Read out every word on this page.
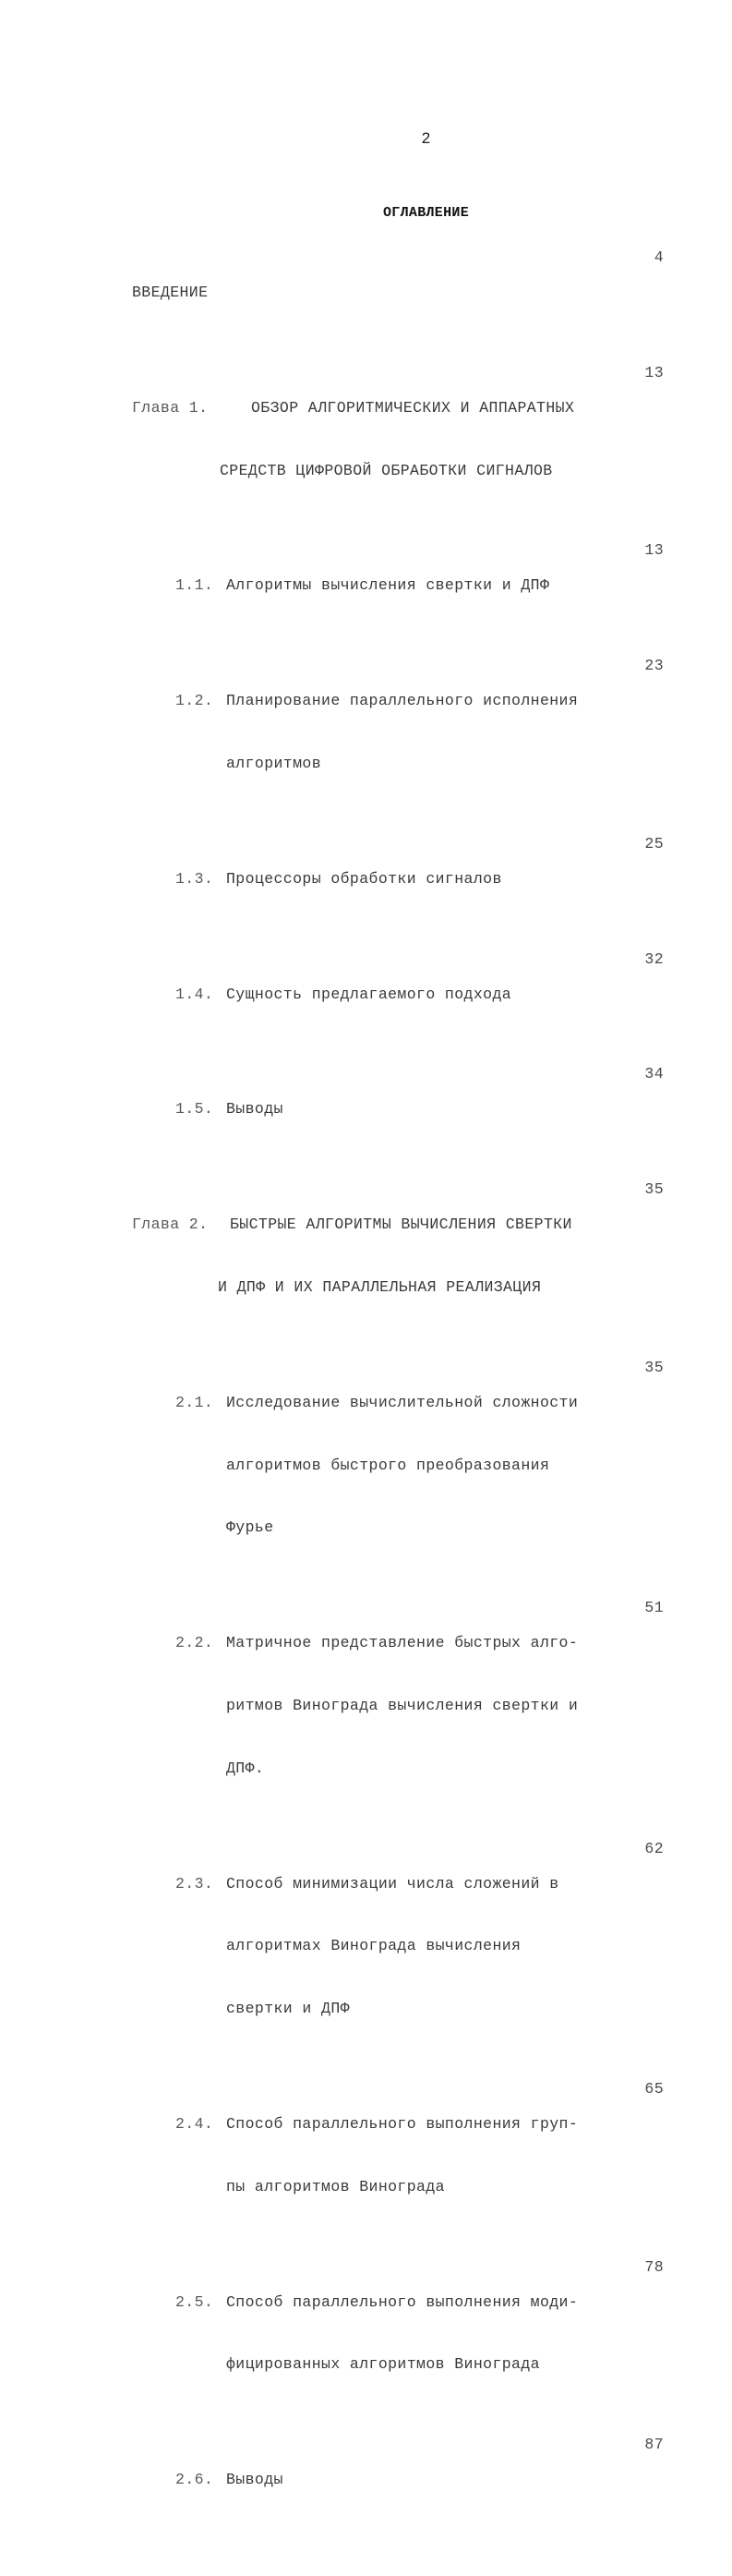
2
ОГЛАВЛЕНИЕ

ВВЕДЕНИЕ

4

Глава 1.

	ОБЗОР АЛГОРИТМИЧЕСКИХ И АППАРАТНЫХ

СРЕДСТВ ЦИФРОВОЙ ОБРАБОТКИ СИГНАЛОВ

13

1.1.

Алгоритмы вычисления свертки и ДПФ

13

1.2.

Планирование параллельного исполнения

алгоритмов

23

1.3.

Процессоры обработки сигналов

25

1.4.

Сущность предлагаемого подхода

32

1.5.

Выводы

34

Глава 2.

БЫСТРЫЕ АЛГОРИТМЫ ВЫЧИСЛЕНИЯ СВЕРТКИ

И ДПФ И ИХ ПАРАЛЛЕЛЬНАЯ РЕАЛИЗАЦИЯ

35

2.1.

Исследование вычислительной сложности

алгоритмов быстрого преобразования

Фурье

35

2.2.

Матричное представление быстрых алго-

ритмов Винограда вычисления свертки и

ДПФ.

51

2.3.

Способ минимизации числа сложений в

алгоритмах Винограда вычисления

свертки и ДПФ

62

2.4.

Способ параллельного выполнения груп-

пы алгоритмов Винограда

65

2.5.

Способ параллельного выполнения моди-

фицированных алгоритмов Винограда

78

2.6.

Выводы

87
